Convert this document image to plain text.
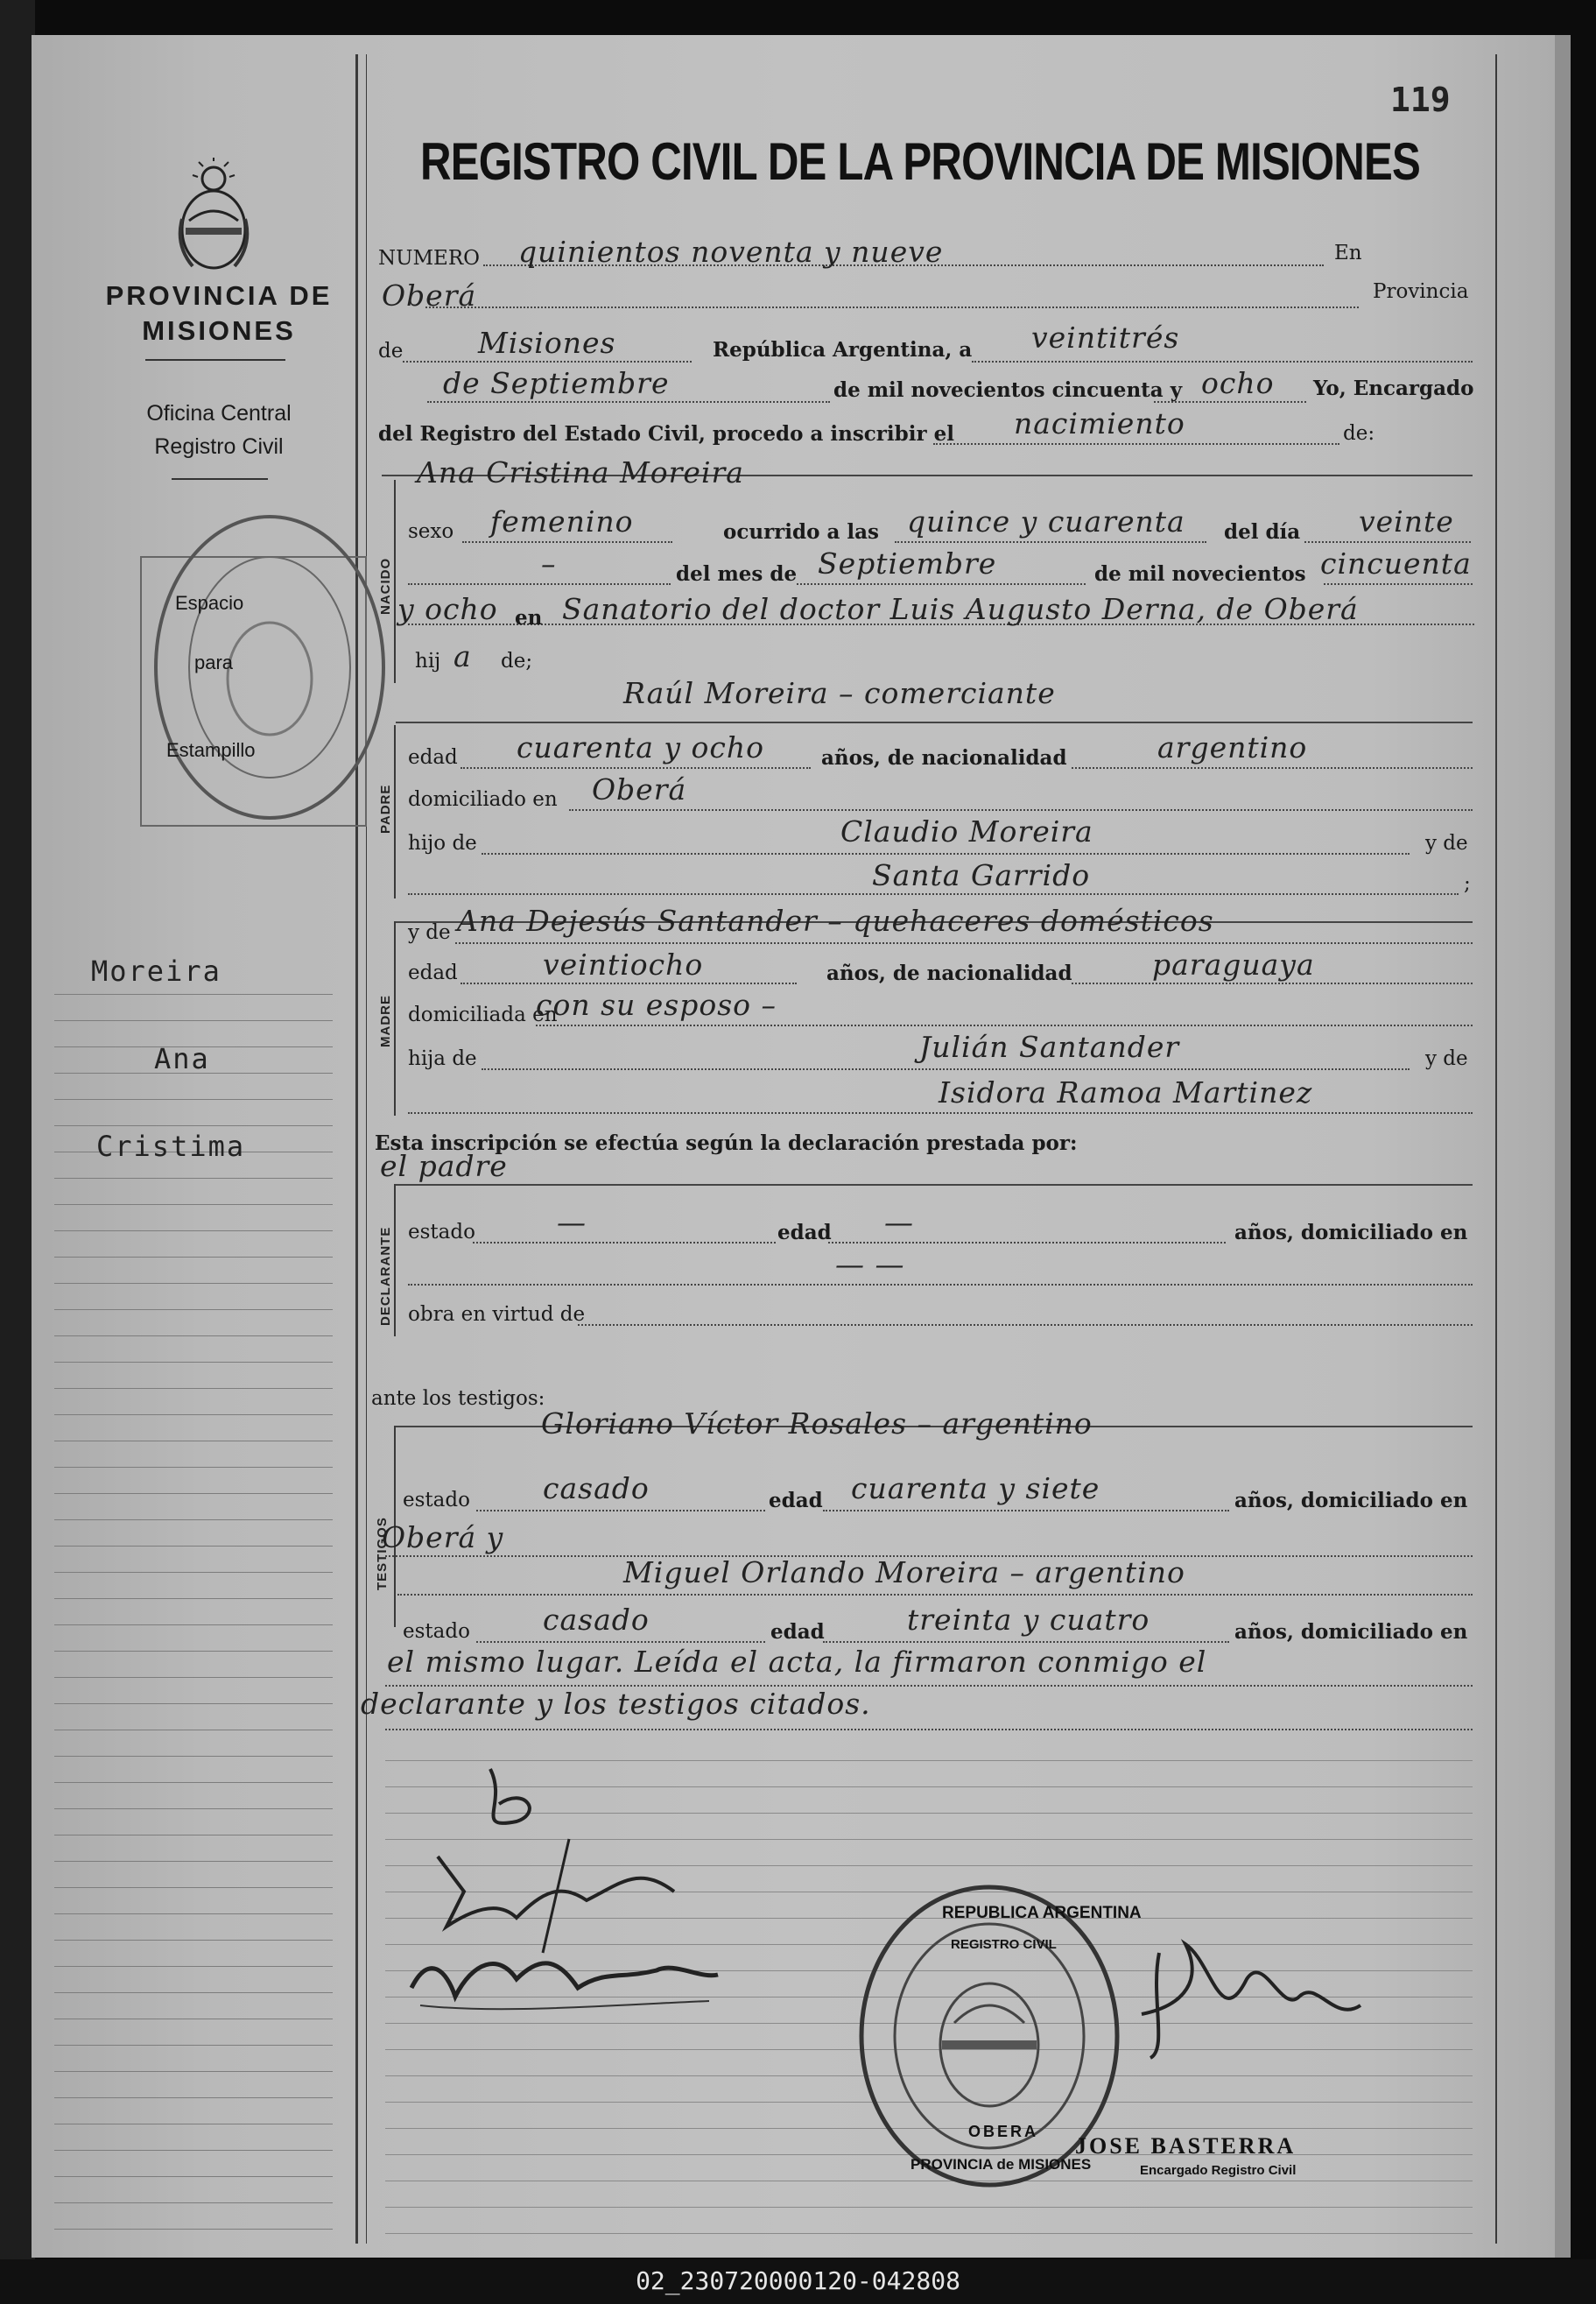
PROVINCIA DE MISIONES
Oficina Central
Registro Civil
Espacio
para
Estampillo
Moreira
Ana
Cristima
119
REGISTRO CIVIL DE LA PROVINCIA DE MISIONES
NUMERO quinientos noventa y nueve	En
Oberá	Provincia
de	Misiones	República Argentina, a veintitrés
de Septiembre	de mil novecientos cincuenta y ocho Yo, Encargado
del Registro del Estado Civil, procedo a inscribir el nacimiento	de:
NACIDO
Ana Cristina Moreira
sexo femenino	ocurrido a las quince y cuarenta del día veinte
–	del mes de Septiembre	de mil novecientos cincuenta
y ocho en Sanatorio del doctor Luis Augusto Derna, de Oberá
hij a de;
PADRE
Raúl Moreira – comerciante
edad cuarenta y ocho	años, de nacionalidad	argentino
domiciliado en Oberá
hijo de	Claudio Moreira	y de
Santa Garrido	;
MADRE
y de Ana Dejesús Santander – quehaceres domésticos
edad	veintiocho	años, de nacionalidad	paraguaya
domiciliada en
con su esposo –
hija de	Julián Santander	y de
Isidora Ramoa Martinez
Esta inscripción se efectúa según la declaración prestada por:
el padre
DECLARANTE estado	—	edad —	años, domiciliado en
— —
obra en virtud de
ante los testigos:
TESTIGOS
Gloriano Víctor Rosales – argentino
estado	casado	edad cuarenta y siete	años, domiciliado en
Oberá y
Miguel Orlando Moreira – argentino
estado	casado	edad	treinta y cuatro	años, domiciliado en
el mismo lugar. Leída el acta, la firmaron conmigo el
declarante y los testigos citados.
REPUBLICA ARGENTINA
REGISTRO CIVIL
OBERA
PROVINCIA de MISIONES
JOSE BASTERRA
Encargado Registro Civil
02_230720000120-042808
